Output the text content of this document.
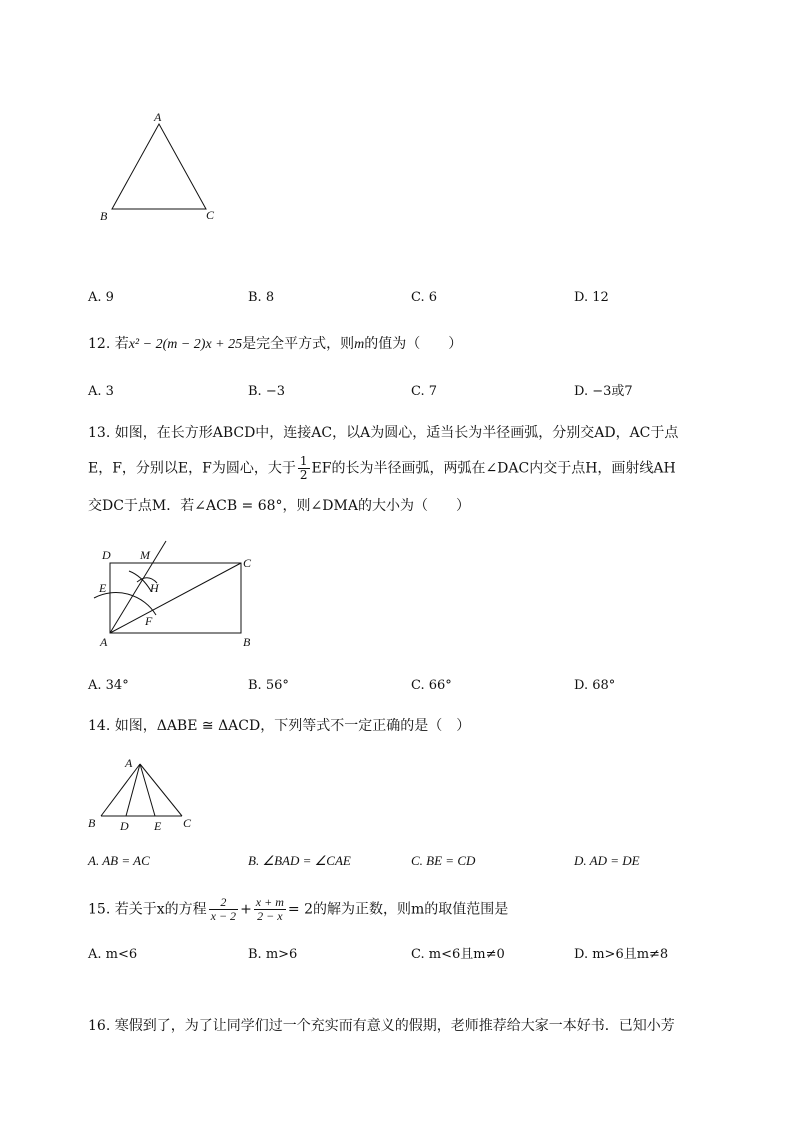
A
B	C
A. 9	B. 8	C. 6	D. 12
12. 若x² − 2(m − 2)x + 25是完全平方式，则m的值为（　　）
A. 3	B. −3	C. 7	D. −3或7
13. 如图，在长方形ABCD中，连接AC，以A为圆心，适当长为半径画弧，分别交AD，AC于点
E，F，分别以E，F为圆心，大于 $\frac{1}{2}$ EF的长为半径画弧，两弧在∠DAC内交于点H，画射线AH
交DC于点M．若∠ACB = 68°，则∠DMA的大小为（　　）
D M
C
E	H
F
A	B
A. 34°	B. 56°	C. 66°	D. 68°
14. 如图，ΔABE ≅ ΔACD，下列等式不一定正确的是（　）
A
B D E C
A. AB = AC	B. ∠BAD = ∠CAE	C. BE = CD	D. AD = DE
15. 若关于x的方程 $\frac{2}{x - 2} + \frac{x + m}{2 - x} = 2$的解为正数，则m的取值范围是
A. m<6	B. m>6	C. m<6且m≠0	D. m>6且m≠8
16. 寒假到了，为了让同学们过一个充实而有意义的假期，老师推荐给大家一本好书．已知小芳
